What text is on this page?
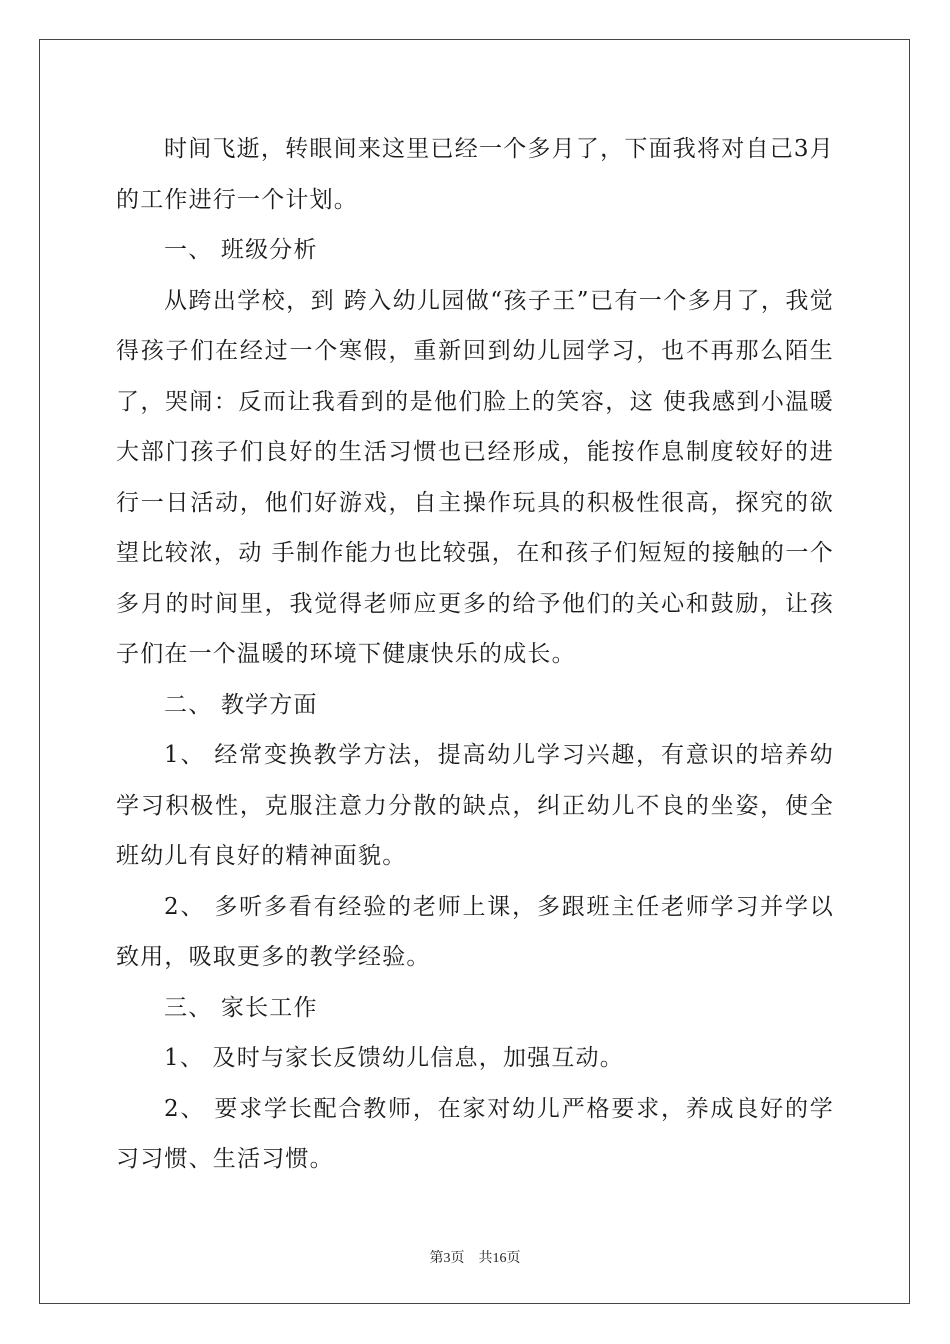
时间飞逝，转眼间来这里已经一个多月了，下面我将对自己3月的工作进行一个计划。

一、 班级分析

从跨出学校，到 跨入幼儿园做“孩子王”已有一个多月了，我觉得孩子们在经过一个寒假，重新回到幼儿园学习，也不再那么陌生了，哭闹：反而让我看到的是他们脸上的笑容，这 使我感到小温暖大部门孩子们良好的生活习惯也已经形成，能按作息制度较好的进行一日活动，他们好游戏，自主操作玩具的积极性很高，探究的欲望比较浓，动 手制作能力也比较强，在和孩子们短短的接触的一个多月的时间里，我觉得老师应更多的给予他们的关心和鼓励，让孩子们在一个温暖的环境下健康快乐的成长。

二、 教学方面

1、 经常变换教学方法，提高幼儿学习兴趣，有意识的培养幼学习积极性，克服注意力分散的缺点，纠正幼儿不良的坐姿，使全班幼儿有良好的精神面貌。

2、 多听多看有经验的老师上课，多跟班主任老师学习并学以致用，吸取更多的教学经验。

三、 家长工作

1、 及时与家长反馈幼儿信息，加强互动。

2、 要求学长配合教师，在家对幼儿严格要求，养成良好的学习习惯、生活习惯。

第3页 共16页
